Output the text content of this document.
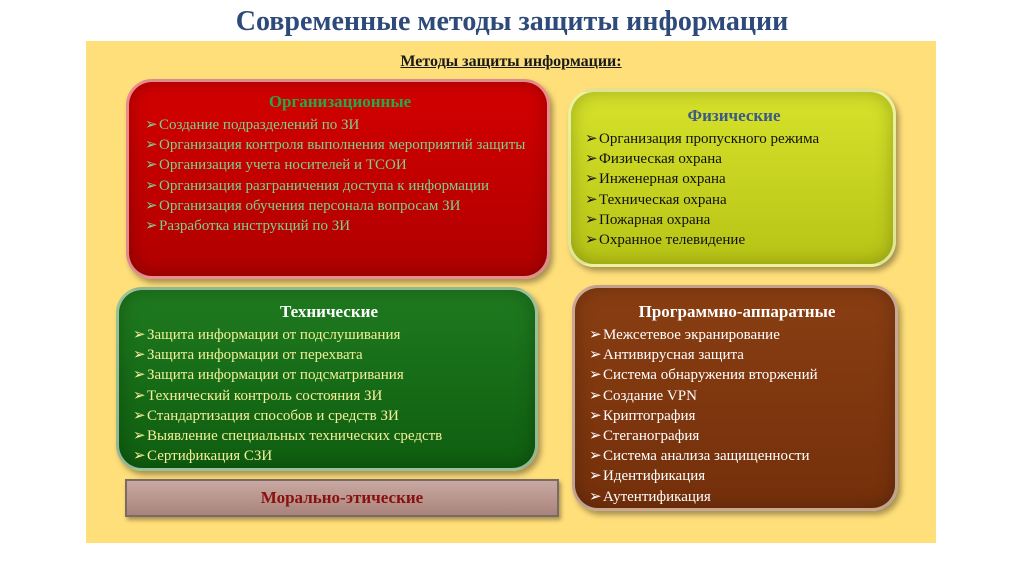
Современные методы защиты информации
Методы защиты информации:
Организационные
➢ Создание подразделений по ЗИ
➢ Организация контроля выполнения мероприятий защиты
➢ Организация учета носителей и ТСОИ
➢ Организация разграничения доступа к информации
➢ Организация обучения персонала вопросам ЗИ
➢ Разработка инструкций по ЗИ
Физические
➢ Организация пропускного режима
➢ Физическая охрана
➢ Инженерная охрана
➢ Техническая охрана
➢ Пожарная охрана
➢ Охранное телевидение
Технические
➢ Защита информации от подслушивания
➢ Защита информации от перехвата
➢ Защита информации от подсматривания
➢ Технический контроль состояния ЗИ
➢ Стандартизация способов и средств ЗИ
➢ Выявление специальных технических средств
➢ Сертификация СЗИ
Программно-аппаратные
➢ Межсетевое экранирование
➢ Антивирусная защита
➢ Система обнаружения вторжений
➢ Создание VPN
➢ Криптография
➢ Стеганография
➢ Система анализа защищенности
➢ Идентификация
➢ Аутентификация
Морально-этические
